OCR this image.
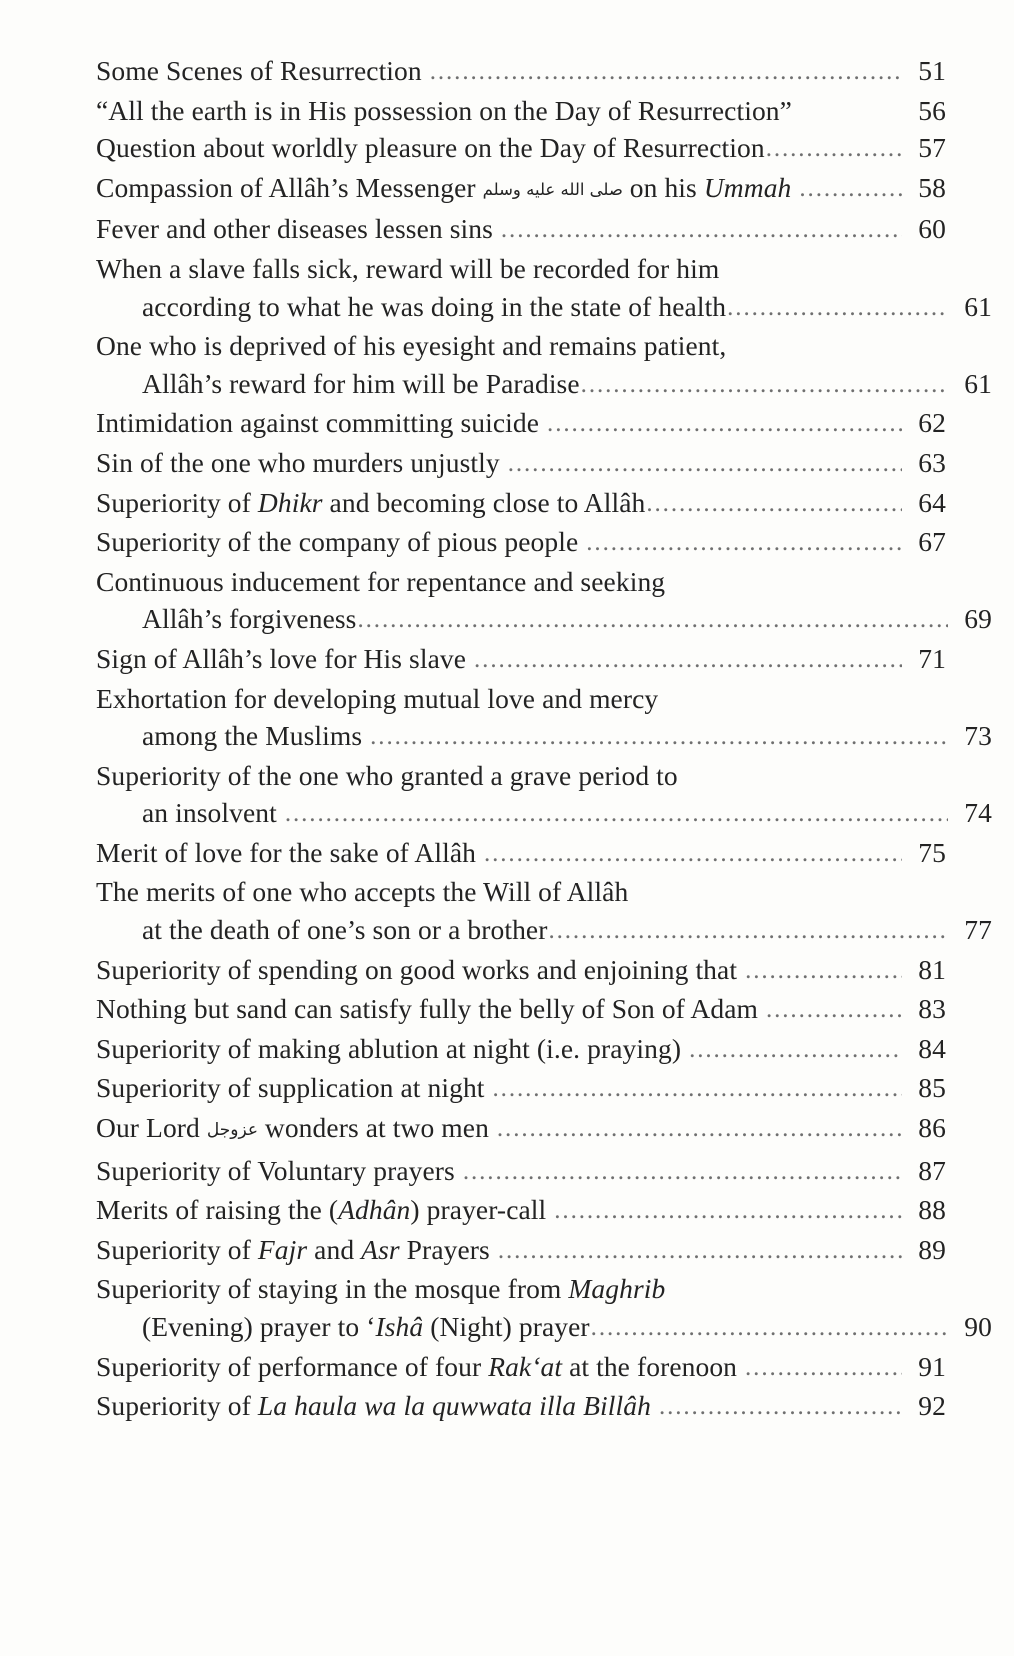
Some Scenes of Resurrection .....	51
“All the earth is in His possession on the Day of Resurrection”	56
Question about worldly pleasure on the Day of Resurrection .....	57
Compassion of Allâh’s Messenger صلى الله عليه وسلم on his Ummah .....	58
Fever and other diseases lessen sins .....	60
When a slave falls sick, reward will be recorded for him
according to what he was doing in the state of health .....	61
One who is deprived of his eyesight and remains patient,
Allâh’s reward for him will be Paradise .....	61
Intimidation against committing suicide .....	62
Sin of the one who murders unjustly .....	63
Superiority of Dhikr and becoming close to Allâh .....	64
Superiority of the company of pious people .....	67
Continuous inducement for repentance and seeking
Allâh’s forgiveness .....	69
Sign of Allâh’s love for His slave .....	71
Exhortation for developing mutual love and mercy
among the Muslims .....	73
Superiority of the one who granted a grave period to
an insolvent .....	74
Merit of love for the sake of Allâh .....	75
The merits of one who accepts the Will of Allâh
at the death of one’s son or a brother .....	77
Superiority of spending on good works and enjoining that .....	81
Nothing but sand can satisfy fully the belly of Son of Adam .....	83
Superiority of making ablution at night (i.e. praying) .....	84
Superiority of supplication at night .....	85
Our Lord عزوجل wonders at two men .....	86
Superiority of Voluntary prayers .....	87
Merits of raising the (Adhân) prayer-call .....	88
Superiority of Fajr and Asr Prayers .....	89
Superiority of staying in the mosque from Maghrib
(Evening) prayer to ‘Ishâ (Night) prayer .....	90
Superiority of performance of four Rak‘at at the forenoon .....	91
Superiority of La haula wa la quwwata illa Billâh .....	92
